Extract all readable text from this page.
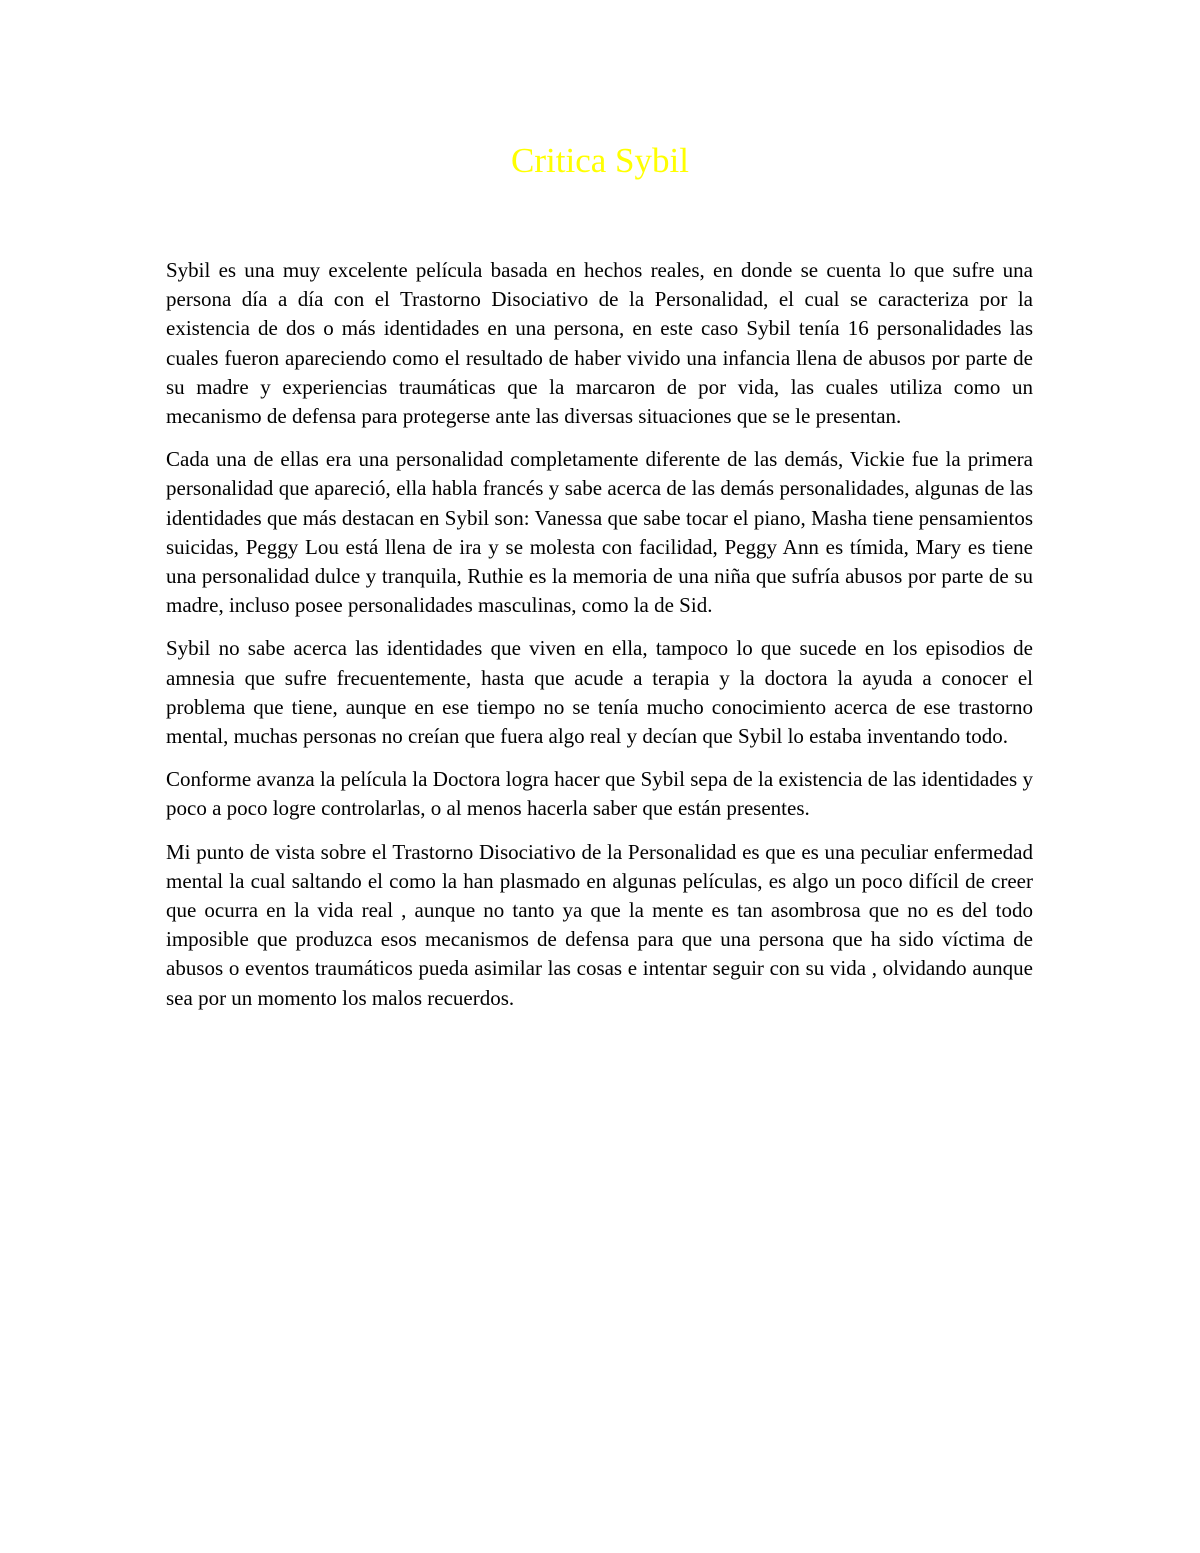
Critica Sybil

Sybil es una muy excelente película basada en hechos reales, en donde se cuenta lo que sufre una persona día a día con el Trastorno Disociativo de la Personalidad, el cual se caracteriza por la existencia de dos o más identidades en una persona, en este caso Sybil tenía 16 personalidades las cuales fueron apareciendo como el resultado de haber vivido una infancia llena de abusos por parte de su madre y experiencias traumáticas que la marcaron de por vida, las cuales utiliza como un mecanismo de defensa para protegerse ante las diversas situaciones que se le presentan.

Cada una de ellas era una personalidad completamente diferente de las demás, Vickie fue la primera personalidad que apareció, ella habla francés y sabe acerca de las demás personalidades, algunas de las identidades que más destacan en Sybil son: Vanessa que sabe tocar el piano, Masha tiene pensamientos suicidas, Peggy Lou está llena de ira y se molesta con facilidad, Peggy Ann es tímida, Mary es tiene una personalidad dulce y tranquila, Ruthie es la memoria de una niña que sufría abusos por parte de su madre, incluso posee personalidades masculinas, como la de Sid.

Sybil no sabe acerca las identidades que viven en ella, tampoco lo que sucede en los episodios de amnesia que sufre frecuentemente, hasta que acude a terapia y la doctora la ayuda a conocer el problema que tiene, aunque en ese tiempo no se tenía mucho conocimiento acerca de ese trastorno mental, muchas personas no creían que fuera algo real y decían que Sybil lo estaba inventando todo.

Conforme avanza la película la Doctora logra hacer que Sybil sepa de la existencia de las identidades y poco a poco logre controlarlas, o al menos hacerla saber que están presentes.

Mi punto de vista sobre el Trastorno Disociativo de la Personalidad es que es una peculiar enfermedad mental la cual saltando el como la han plasmado en algunas películas, es algo un poco difícil de creer que ocurra en la vida real , aunque no tanto ya que la mente es tan asombrosa que no es del todo imposible que produzca esos mecanismos de defensa para que una persona que ha sido víctima de abusos o eventos traumáticos pueda asimilar las cosas e intentar seguir con su vida , olvidando aunque sea por un momento los malos recuerdos.
